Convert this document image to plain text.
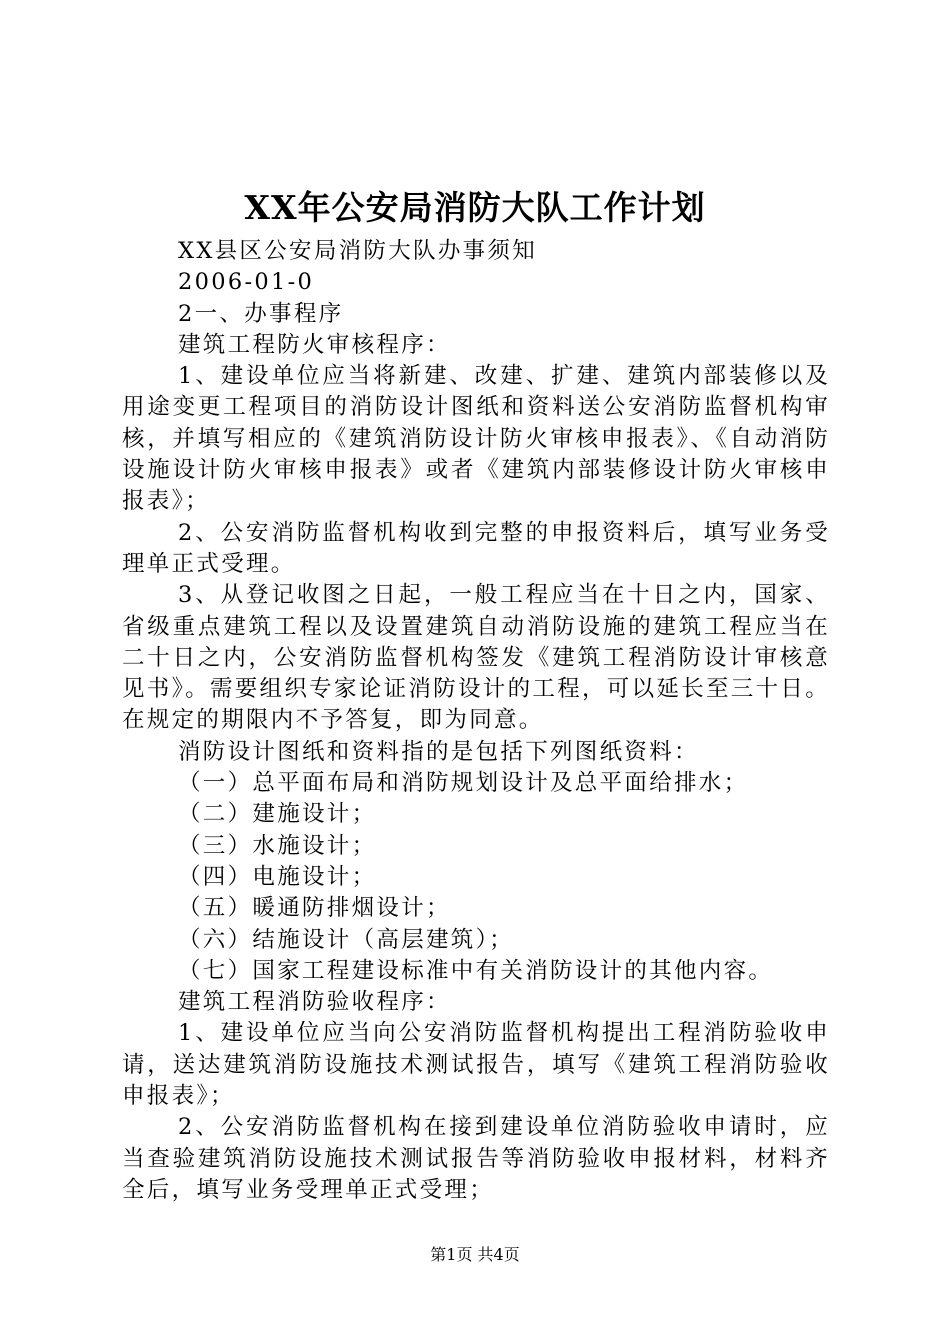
XX年公安局消防大队工作计划

XX县区公安局消防大队办事须知

2006-01-0

2一、办事程序

建筑工程防火审核程序：

1、建设单位应当将新建、改建、扩建、建筑内部装修以及用途变更工程项目的消防设计图纸和资料送公安消防监督机构审核，并填写相应的《建筑消防设计防火审核申报表》、《自动消防设施设计防火审核申报表》或者《建筑内部装修设计防火审核申报表》；

2、公安消防监督机构收到完整的申报资料后，填写业务受理单正式受理。

3、从登记收图之日起，一般工程应当在十日之内，国家、省级重点建筑工程以及设置建筑自动消防设施的建筑工程应当在二十日之内，公安消防监督机构签发《建筑工程消防设计审核意见书》。需要组织专家论证消防设计的工程，可以延长至三十日。在规定的期限内不予答复，即为同意。

消防设计图纸和资料指的是包括下列图纸资料：

（一）总平面布局和消防规划设计及总平面给排水；

（二）建施设计；

（三）水施设计；

（四）电施设计；

（五）暖通防排烟设计；

（六）结施设计（高层建筑）；

（七）国家工程建设标准中有关消防设计的其他内容。

建筑工程消防验收程序：

1、建设单位应当向公安消防监督机构提出工程消防验收申请，送达建筑消防设施技术测试报告，填写《建筑工程消防验收申报表》；

2、公安消防监督机构在接到建设单位消防验收申请时，应当查验建筑消防设施技术测试报告等消防验收申报材料，材料齐全后，填写业务受理单正式受理；

第1页 共4页
